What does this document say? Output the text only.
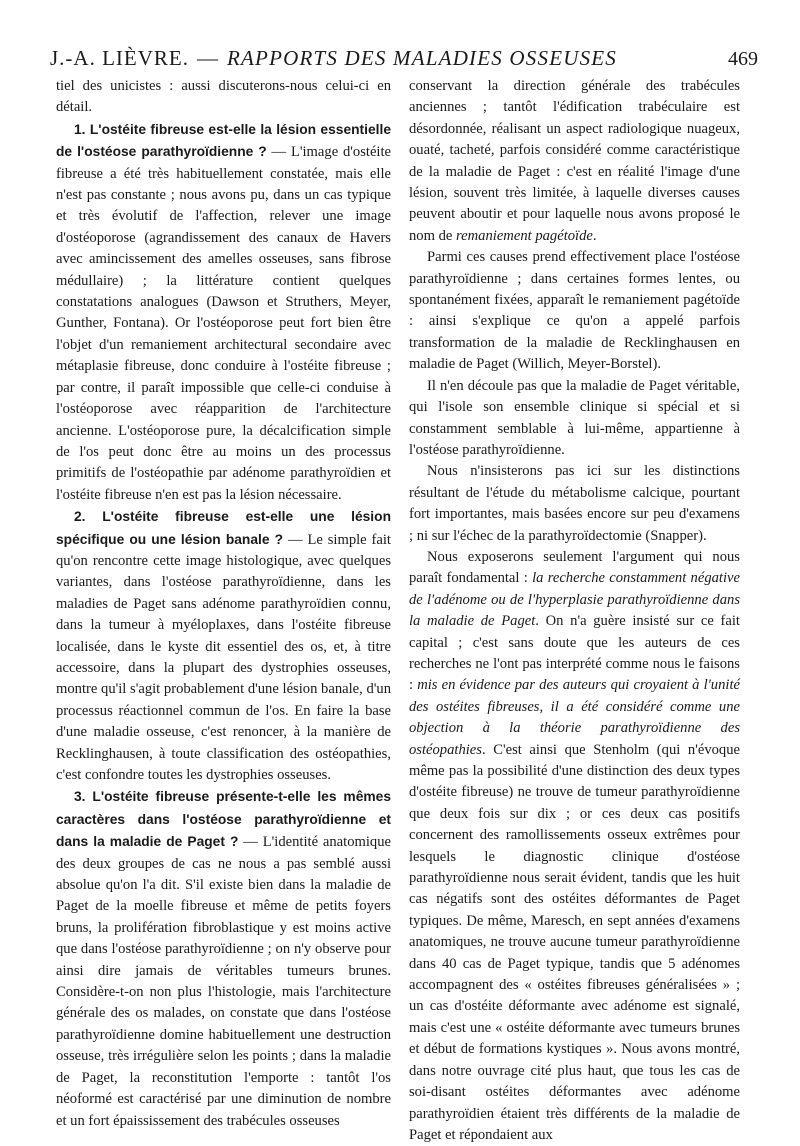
J.-A. LIÈVRE. — RAPPORTS DES MALADIES OSSEUSES	469

tiel des unicistes : aussi discuterons-nous celui-ci en détail.

1. L'ostéite fibreuse est-elle la lésion essentielle de l'ostéose parathyroïdienne ? — L'image d'ostéite fibreuse a été très habituellement constatée, mais elle n'est pas constante ; nous avons pu, dans un cas typique et très évolutif de l'affection, relever une image d'ostéoporose (agrandissement des canaux de Havers avec amincissement des amelles osseuses, sans fibrose médullaire) ; la littérature contient quelques constatations analogues (Dawson et Struthers, Meyer, Gunther, Fontana). Or l'ostéoporose peut fort bien être l'objet d'un remaniement architectural secondaire avec métaplasie fibreuse, donc conduire à l'ostéite fibreuse ; par contre, il paraît impossible que celle-ci conduise à l'ostéoporose avec réapparition de l'architecture ancienne. L'ostéoporose pure, la décalcification simple de l'os peut donc être au moins un des processus primitifs de l'ostéopathie par adénome parathyroïdien et l'ostéite fibreuse n'en est pas la lésion nécessaire.

2. L'ostéite fibreuse est-elle une lésion spécifique ou une lésion banale ? — Le simple fait qu'on rencontre cette image histologique, avec quelques variantes, dans l'ostéose parathyroïdienne, dans les maladies de Paget sans adénome parathyroïdien connu, dans la tumeur à myéloplaxes, dans l'ostéite fibreuse localisée, dans le kyste dit essentiel des os, et, à titre accessoire, dans la plupart des dystrophies osseuses, montre qu'il s'agit probablement d'une lésion banale, d'un processus réactionnel commun de l'os. En faire la base d'une maladie osseuse, c'est renoncer, à la manière de Recklinghausen, à toute classification des ostéopathies, c'est confondre toutes les dystrophies osseuses.

3. L'ostéite fibreuse présente-t-elle les mêmes caractères dans l'ostéose parathyroïdienne et dans la maladie de Paget ? — L'identité anatomique des deux groupes de cas ne nous a pas semblé aussi absolue qu'on l'a dit. S'il existe bien dans la maladie de Paget de la moelle fibreuse et même de petits foyers bruns, la prolifération fibroblastique y est moins active que dans l'ostéose parathyroïdienne ; on n'y observe pour ainsi dire jamais de véritables tumeurs brunes. Considère-t-on non plus l'histologie, mais l'architecture générale des os malades, on constate que dans l'ostéose parathyroïdienne domine habituellement une destruction osseuse, très irrégulière selon les points ; dans la maladie de Paget, la reconstitution l'emporte : tantôt l'os néoformé est caractérisé par une diminution de nombre et un fort épaississement des trabécules osseuses

conservant la direction générale des trabécules anciennes ; tantôt l'édification trabéculaire est désordonnée, réalisant un aspect radiologique nuageux, ouaté, tacheté, parfois considéré comme caractéristique de la maladie de Paget : c'est en réalité l'image d'une lésion, souvent très limitée, à laquelle diverses causes peuvent aboutir et pour laquelle nous avons proposé le nom de remaniement pagétoïde.

Parmi ces causes prend effectivement place l'ostéose parathyroïdienne ; dans certaines formes lentes, ou spontanément fixées, apparaît le remaniement pagétoïde : ainsi s'explique ce qu'on a appelé parfois transformation de la maladie de Recklinghausen en maladie de Paget (Willich, Meyer-Borstel).

Il n'en découle pas que la maladie de Paget véritable, qui l'isole son ensemble clinique si spécial et si constamment semblable à lui-même, appartienne à l'ostéose parathyroïdienne.

Nous n'insisterons pas ici sur les distinctions résultant de l'étude du métabolisme calcique, pourtant fort importantes, mais basées encore sur peu d'examens ; ni sur l'échec de la parathyroïdectomie (Snapper).

Nous exposerons seulement l'argument qui nous paraît fondamental : la recherche constamment négative de l'adénome ou de l'hyperplasie parathyroïdienne dans la maladie de Paget. On n'a guère insisté sur ce fait capital ; c'est sans doute que les auteurs de ces recherches ne l'ont pas interprété comme nous le faisons : mis en évidence par des auteurs qui croyaient à l'unité des ostéites fibreuses, il a été considéré comme une objection à la théorie parathyroïdienne des ostéopathies. C'est ainsi que Stenholm (qui n'évoque même pas la possibilité d'une distinction des deux types d'ostéite fibreuse) ne trouve de tumeur parathyroïdienne que deux fois sur dix ; or ces deux cas positifs concernent des ramollissements osseux extrêmes pour lesquels le diagnostic clinique d'ostéose parathyroïdienne nous serait évident, tandis que les huit cas négatifs sont des ostéites déformantes de Paget typiques. De même, Maresch, en sept années d'examens anatomiques, ne trouve aucune tumeur parathyroïdienne dans 40 cas de Paget typique, tandis que 5 adénomes accompagnent des « ostéites fibreuses généralisées » ; un cas d'ostéite déformante avec adénome est signalé, mais c'est une « ostéite déformante avec tumeurs brunes et début de formations kystiques ». Nous avons montré, dans notre ouvrage cité plus haut, que tous les cas de soi-disant ostéites déformantes avec adénome parathyroïdien étaient très différents de la maladie de Paget et répondaient aux
